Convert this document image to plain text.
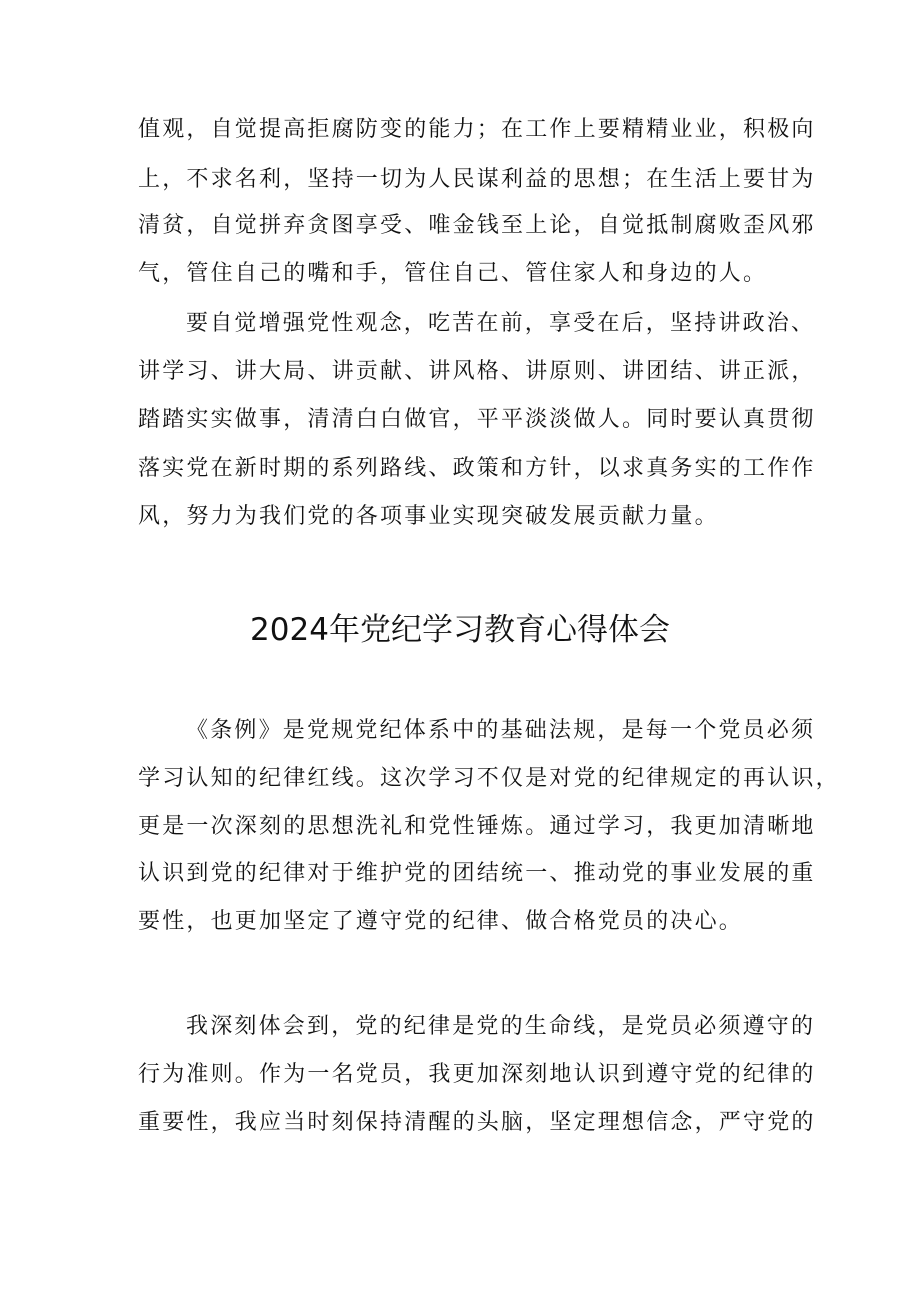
值观，自觉提高拒腐防变的能力；在工作上要精精业业，积极向
上，不求名利，坚持一切为人民谋利益的思想；在生活上要甘为
清贫，自觉拼弃贪图享受、唯金钱至上论，自觉抵制腐败歪风邪
气，管住自己的嘴和手，管住自己、管住家人和身边的人。
要自觉增强党性观念，吃苦在前，享受在后，坚持讲政治、
讲学习、讲大局、讲贡献、讲风格、讲原则、讲团结、讲正派，
踏踏实实做事，清清白白做官，平平淡淡做人。同时要认真贯彻
落实党在新时期的系列路线、政策和方针，以求真务实的工作作
风，努力为我们党的各项事业实现突破发展贡献力量。
2024年党纪学习教育心得体会
《条例》是党规党纪体系中的基础法规，是每一个党员必须
学习认知的纪律红线。这次学习不仅是对党的纪律规定的再认识，
更是一次深刻的思想洗礼和党性锤炼。通过学习，我更加清晰地
认识到党的纪律对于维护党的团结统一、推动党的事业发展的重
要性，也更加坚定了遵守党的纪律、做合格党员的决心。
我深刻体会到，党的纪律是党的生命线，是党员必须遵守的
行为准则。作为一名党员，我更加深刻地认识到遵守党的纪律的
重要性，我应当时刻保持清醒的头脑，坚定理想信念，严守党的
